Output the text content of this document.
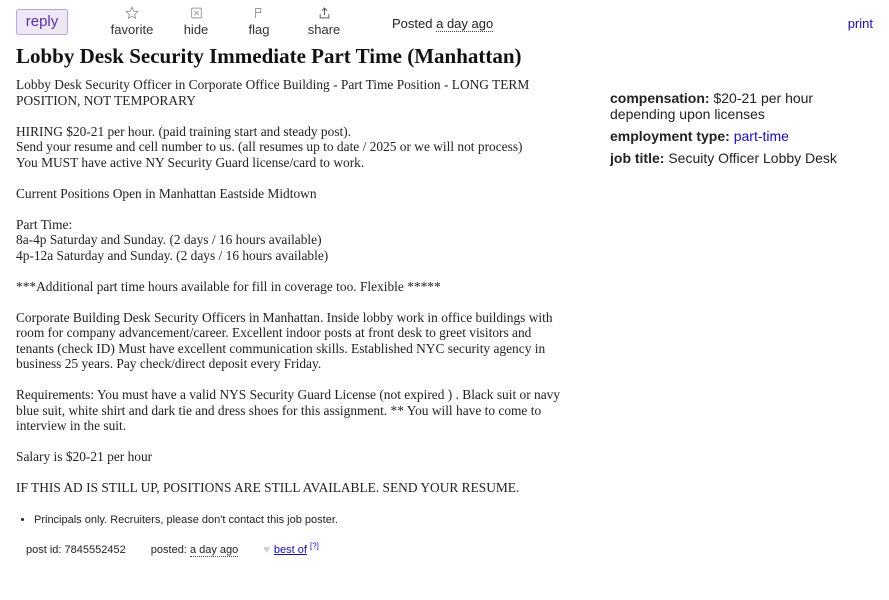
reply	favorite hide	flag	share	Posted a day ago	print
Lobby Desk Security Immediate Part Time (Manhattan)

Lobby Desk Security Officer in Corporate Office Building - Part Time Position - LONG TERM
POSITION, NOT TEMPORARY

HIRING $20-21 per hour. (paid training start and steady post).
Send your resume and cell number to us. (all resumes up to date / 2025 or we will not process)
You MUST have active NY Security Guard license/card to work.

Current Positions Open in Manhattan Eastside Midtown

Part Time:
8a-4p Saturday and Sunday. (2 days / 16 hours available)
4p-12a Saturday and Sunday. (2 days / 16 hours available)

***Additional part time hours available for fill in coverage too. Flexible *****

Corporate Building Desk Security Officers in Manhattan. Inside lobby work in office buildings with
room for company advancement/career. Excellent indoor posts at front desk to greet visitors and
tenants (check ID) Must have excellent communication skills. Established NYC security agency in
business 25 years. Pay check/direct deposit every Friday.

Requirements: You must have a valid NYS Security Guard License (not expired ) . Black suit or navy
blue suit, white shirt and dark tie and dress shoes for this assignment. ** You will have to come to
interview in the suit.

Salary is $20-21 per hour

IF THIS AD IS STILL UP, POSITIONS ARE STILL AVAILABLE. SEND YOUR RESUME.

• Principals only. Recruiters, please don't contact this job poster.
post id: 7845552452 posted: a day ago ♥ best of [?]
compensation: $20-21 per hour
depending upon licenses
employment type: part-time
job title: Secuity Officer Lobby Desk
